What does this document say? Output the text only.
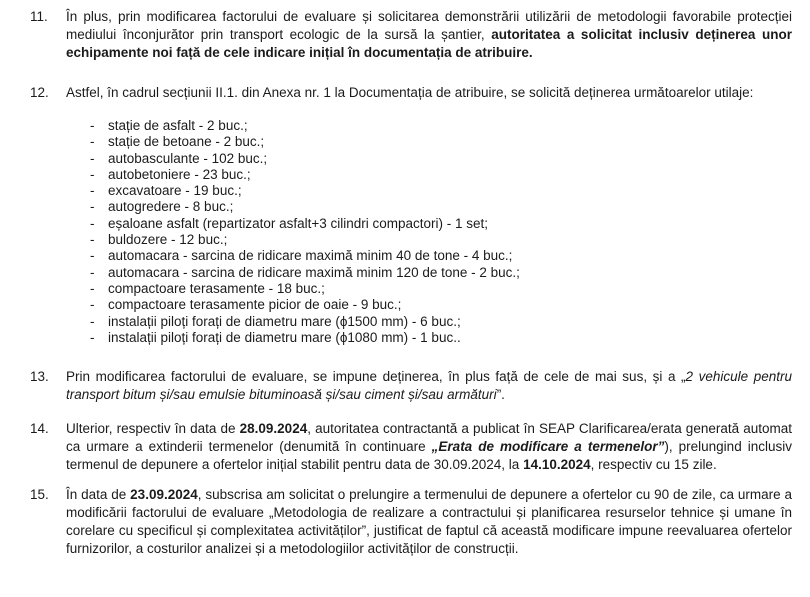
11.	În plus, prin modificarea factorului de evaluare și solicitarea demonstrării utilizării de metodologii favorabile protecției mediului înconjurător prin transport ecologic de la sursă la șantier, autoritatea a solicitat inclusiv deținerea unor echipamente noi față de cele indicare inițial în documentația de atribuire.

12.	Astfel, în cadrul secțiunii II.1. din Anexa nr. 1 la Documentația de atribuire, se solicită deținerea următoarelor utilaje:

- stație de asfalt - 2 buc.;
- stație de betoane - 2 buc.;
- autobasculante - 102 buc.;
- autobetoniere - 23 buc.;
- excavatoare - 19 buc.;
- autogredere - 8 buc.;
- eșaloane asfalt (repartizator asfalt+3 cilindri compactori) - 1 set;
- buldozere - 12 buc.;
- automacara - sarcina de ridicare maximă minim 40 de tone - 4 buc.;
- automacara - sarcina de ridicare maximă minim 120 de tone - 2 buc.;
- compactoare terasamente - 18 buc.;
- compactoare terasamente picior de oaie - 9 buc.;
- instalații piloți forați de diametru mare (ϕ1500 mm) - 6 buc.;
- instalații piloți forați de diametru mare (ϕ1080 mm) - 1 buc..
13.	Prin modificarea factorului de evaluare, se impune deținerea, în plus față de cele de mai sus, și a „2 vehicule pentru transport bitum și/sau emulsie bituminoasă și/sau ciment și/sau armături”.

14.	Ulterior, respectiv în data de 28.09.2024, autoritatea contractantă a publicat în SEAP Clarificarea/erata generată automat ca urmare a extinderii termenelor (denumită în continuare „Erata de modificare a termenelor”), prelungind inclusiv termenul de depunere a ofertelor inițial stabilit pentru data de 30.09.2024, la 14.10.2024, respectiv cu 15 zile.

15.	În data de 23.09.2024, subscrisa am solicitat o prelungire a termenului de depunere a ofertelor cu 90 de zile, ca urmare a modificării factorului de evaluare „Metodologia de realizare a contractului și planificarea resurselor tehnice și umane în corelare cu specificul și complexitatea activităților”, justificat de faptul că această modificare impune reevaluarea ofertelor furnizorilor, a costurilor analizei și a metodologiilor activităților de construcții.
